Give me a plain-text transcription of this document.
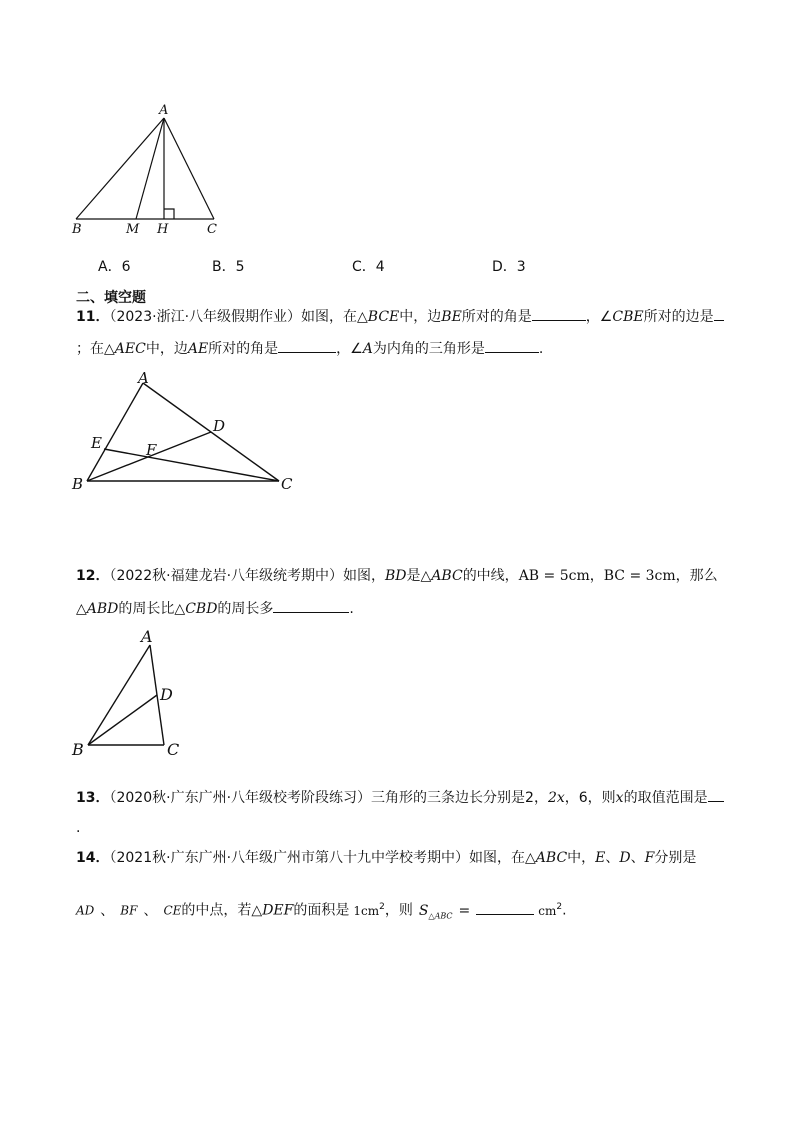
A
B	M H	C
A．6	B．5	C．4	D．3
二、填空题
11．（2023·浙江·八年级假期作业）如图，在△BCE中，边BE所对的角是	，∠CBE所对的边是
；在△AEC中，边AE所对的角是	，∠A为内角的三角形是	.
A
D
E	F
B	C
12．（2022秋·福建龙岩·八年级统考期中）如图，BD是△ABC的中线，AB = 5cm，BC = 3cm，那么
△ABD的周长比△CBD的周长多	.
A
D
B	C
13．（2020秋·广东广州·八年级校考阶段练习）三角形的三条边长分别是2，2x，6，则x的取值范围是
.
14．（2021秋·广东广州·八年级广州市第八十九中学校考期中）如图，在△ABC中，E、D、F分别是
AD 、 BF 、 CE的中点，若△DEF的面积是 $1cm^2$，则 $S_{\triangle ABC}$ =	$cm^2$.
